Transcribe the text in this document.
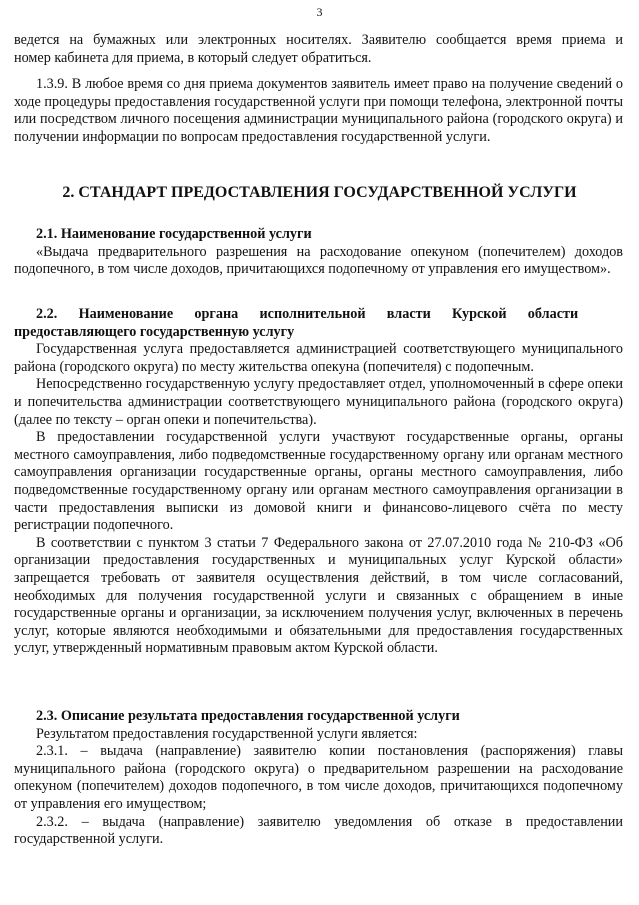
3
ведется на бумажных или электронных носителях. Заявителю сообщается время приема и
номер кабинета для приема, в который следует обратиться.
1.3.9. В любое время со дня приема документов заявитель имеет право на получение сведений о ходе процедуры предоставления государственной услуги при помощи телефона, электронной почты или посредством личного посещения администрации муниципального района (городского округа) и получении информации по вопросам предоставления государственной услуги.
2. СТАНДАРТ ПРЕДОСТАВЛЕНИЯ ГОСУДАРСТВЕННОЙ УСЛУГИ
2.1. Наименование государственной услуги
«Выдача предварительного разрешения на расходование опекуном (попечителем) доходов подопечного, в том числе доходов, причитающихся подопечному от управления его имуществом».
2.2.      Наименование      органа      исполнительной      власти      Курской      области
предоставляющего государственную услугу
Государственная услуга предоставляется администрацией соответствующего муниципального района (городского округа) по месту жительства опекуна (попечителя) с подопечным.
Непосредственно государственную услугу предоставляет отдел, уполномоченный в сфере опеки и попечительства администрации соответствующего муниципального района (городского округа) (далее по тексту – орган опеки и попечительства).
В предоставлении государственной услуги участвуют государственные органы, органы местного самоуправления, либо подведомственные государственному органу или органам местного самоуправления организации государственные органы, органы местного самоуправления, либо подведомственные государственному органу или органам местного самоуправления организации в части предоставления выписки из домовой книги и финансово-лицевого счёта по месту регистрации подопечного.
В соответствии с пунктом 3 статьи 7 Федерального закона от 27.07.2010 года № 210-ФЗ «Об организации предоставления государственных и муниципальных услуг Курской области» запрещается требовать от заявителя осуществления действий, в том числе согласований, необходимых для получения государственной услуги и связанных с обращением в иные государственные органы и организации, за исключением получения услуг, включенных в перечень услуг, которые являются необходимыми и обязательными для предоставления государственных услуг, утвержденный нормативным правовым актом Курской области.
2.3. Описание результата предоставления государственной услуги
Результатом предоставления государственной услуги является:
2.3.1. – выдача (направление) заявителю копии постановления (распоряжения) главы муниципального района (городского округа) о предварительном разрешении на расходование опекуном (попечителем) доходов подопечного, в том числе доходов, причитающихся подопечному от управления его имуществом;
2.3.2. – выдача (направление) заявителю уведомления об отказе в предоставлении государственной услуги.
